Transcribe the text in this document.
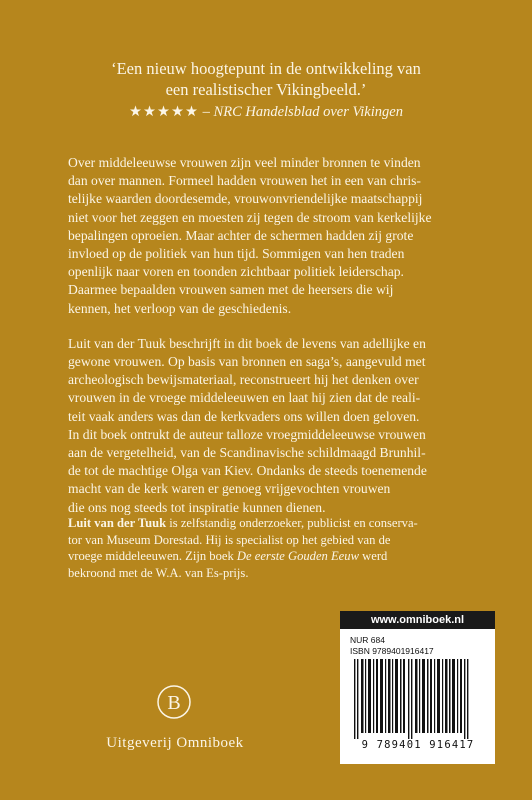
‘Een nieuw hoogtepunt in de ontwikkeling van
een realistischer Vikingbeeld.’
★★★★★ – NRC Handelsblad over Vikingen

Over middeleeuwse vrouwen zijn veel minder bronnen te vinden
dan over mannen. Formeel hadden vrouwen het in een van chris-
telijke waarden doordesemde, vrouwonvriendelijke maatschappij
niet voor het zeggen en moesten zij tegen de stroom van kerkelijke
bepalingen oproeien. Maar achter de schermen hadden zij grote
invloed op de politiek van hun tijd. Sommigen van hen traden
openlijk naar voren en toonden zichtbaar politiek leiderschap.
Daarmee bepaalden vrouwen samen met de heersers die wij
kennen, het verloop van de geschiedenis.

Luit van der Tuuk beschrijft in dit boek de levens van adellijke en
gewone vrouwen. Op basis van bronnen en saga’s, aangevuld met
archeologisch bewijsmateriaal, reconstrueert hij het denken over
vrouwen in de vroege middeleeuwen en laat hij zien dat de reali-
teit vaak anders was dan de kerkvaders ons willen doen geloven.
In dit boek ontrukt de auteur talloze vroegmiddeleeuwse vrouwen
aan de vergetelheid, van de Scandinavische schildmaagd Brunhil-
de tot de machtige Olga van Kiev. Ondanks de steeds toenemende
macht van de kerk waren er genoeg vrijgevochten vrouwen
die ons nog steeds tot inspiratie kunnen dienen.

Luit van der Tuuk is zelfstandig onderzoeker, publicist en conserva-
tor van Museum Dorestad. Hij is specialist op het gebied van de
vroege middeleeuwen. Zijn boek De eerste Gouden Eeuw werd
bekroond met de W.A. van Es-prijs.
B
Uitgeverij Omniboek
www.omniboek.nl
NUR 684
ISBN 9789401916417
9 789401 916417
